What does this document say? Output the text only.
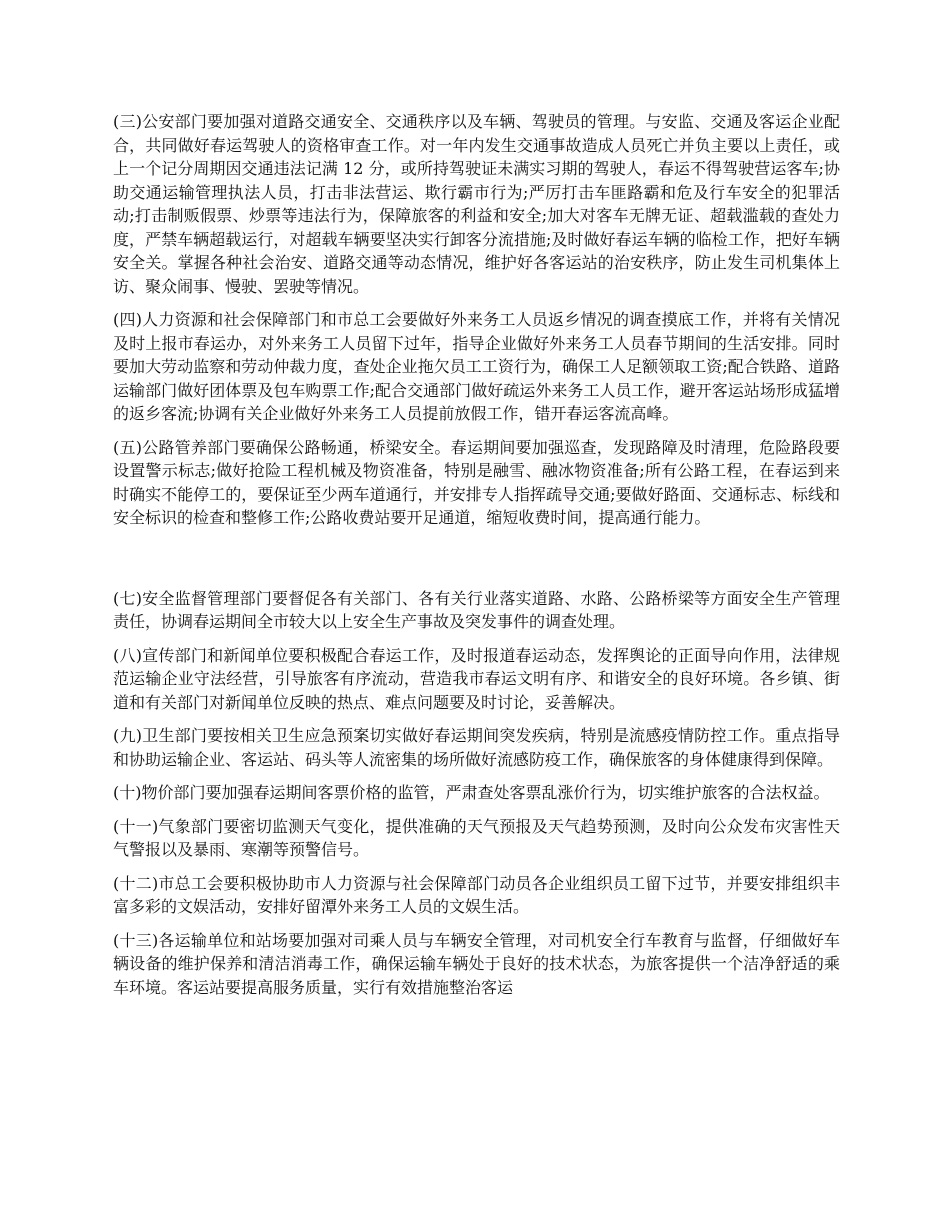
(三)公安部门要加强对道路交通安全、交通秩序以及车辆、驾驶员的管理。与安监、交通及客运企业配合，共同做好春运驾驶人的资格审查工作。对一年内发生交通事故造成人员死亡并负主要以上责任，或上一个记分周期因交通违法记满 12 分，或所持驾驶证未满实习期的驾驶人，春运不得驾驶营运客车;协助交通运输管理执法人员，打击非法营运、欺行霸市行为;严厉打击车匪路霸和危及行车安全的犯罪活动;打击制贩假票、炒票等违法行为，保障旅客的利益和安全;加大对客车无牌无证、超载滥载的查处力度，严禁车辆超载运行，对超载车辆要坚决实行卸客分流措施;及时做好春运车辆的临检工作，把好车辆安全关。掌握各种社会治安、道路交通等动态情况，维护好各客运站的治安秩序，防止发生司机集体上访、聚众闹事、慢驶、罢驶等情况。

(四)人力资源和社会保障部门和市总工会要做好外来务工人员返乡情况的调查摸底工作，并将有关情况及时上报市春运办，对外来务工人员留下过年，指导企业做好外来务工人员春节期间的生活安排。同时要加大劳动监察和劳动仲裁力度，查处企业拖欠员工工资行为，确保工人足额领取工资;配合铁路、道路运输部门做好团体票及包车购票工作;配合交通部门做好疏运外来务工人员工作，避开客运站场形成猛增的返乡客流;协调有关企业做好外来务工人员提前放假工作，错开春运客流高峰。

(五)公路管养部门要确保公路畅通，桥梁安全。春运期间要加强巡查，发现路障及时清理，危险路段要设置警示标志;做好抢险工程机械及物资准备，特别是融雪、融冰物资准备;所有公路工程，在春运到来时确实不能停工的，要保证至少两车道通行，并安排专人指挥疏导交通;要做好路面、交通标志、标线和安全标识的检查和整修工作;公路收费站要开足通道，缩短收费时间，提高通行能力。

(七)安全监督管理部门要督促各有关部门、各有关行业落实道路、水路、公路桥梁等方面安全生产管理责任，协调春运期间全市较大以上安全生产事故及突发事件的调查处理。

(八)宣传部门和新闻单位要积极配合春运工作，及时报道春运动态，发挥舆论的正面导向作用，法律规范运输企业守法经营，引导旅客有序流动，营造我市春运文明有序、和谐安全的良好环境。各乡镇、街道和有关部门对新闻单位反映的热点、难点问题要及时讨论，妥善解决。

(九)卫生部门要按相关卫生应急预案切实做好春运期间突发疾病，特别是流感疫情防控工作。重点指导和协助运输企业、客运站、码头等人流密集的场所做好流感防疫工作，确保旅客的身体健康得到保障。

(十)物价部门要加强春运期间客票价格的监管，严肃查处客票乱涨价行为，切实维护旅客的合法权益。

(十一)气象部门要密切监测天气变化，提供准确的天气预报及天气趋势预测，及时向公众发布灾害性天气警报以及暴雨、寒潮等预警信号。

(十二)市总工会要积极协助市人力资源与社会保障部门动员各企业组织员工留下过节，并要安排组织丰富多彩的文娱活动，安排好留潭外来务工人员的文娱生活。

(十三)各运输单位和站场要加强对司乘人员与车辆安全管理，对司机安全行车教育与监督，仔细做好车辆设备的维护保养和清洁消毒工作，确保运输车辆处于良好的技术状态，为旅客提供一个洁净舒适的乘车环境。客运站要提高服务质量，实行有效措施整治客运
